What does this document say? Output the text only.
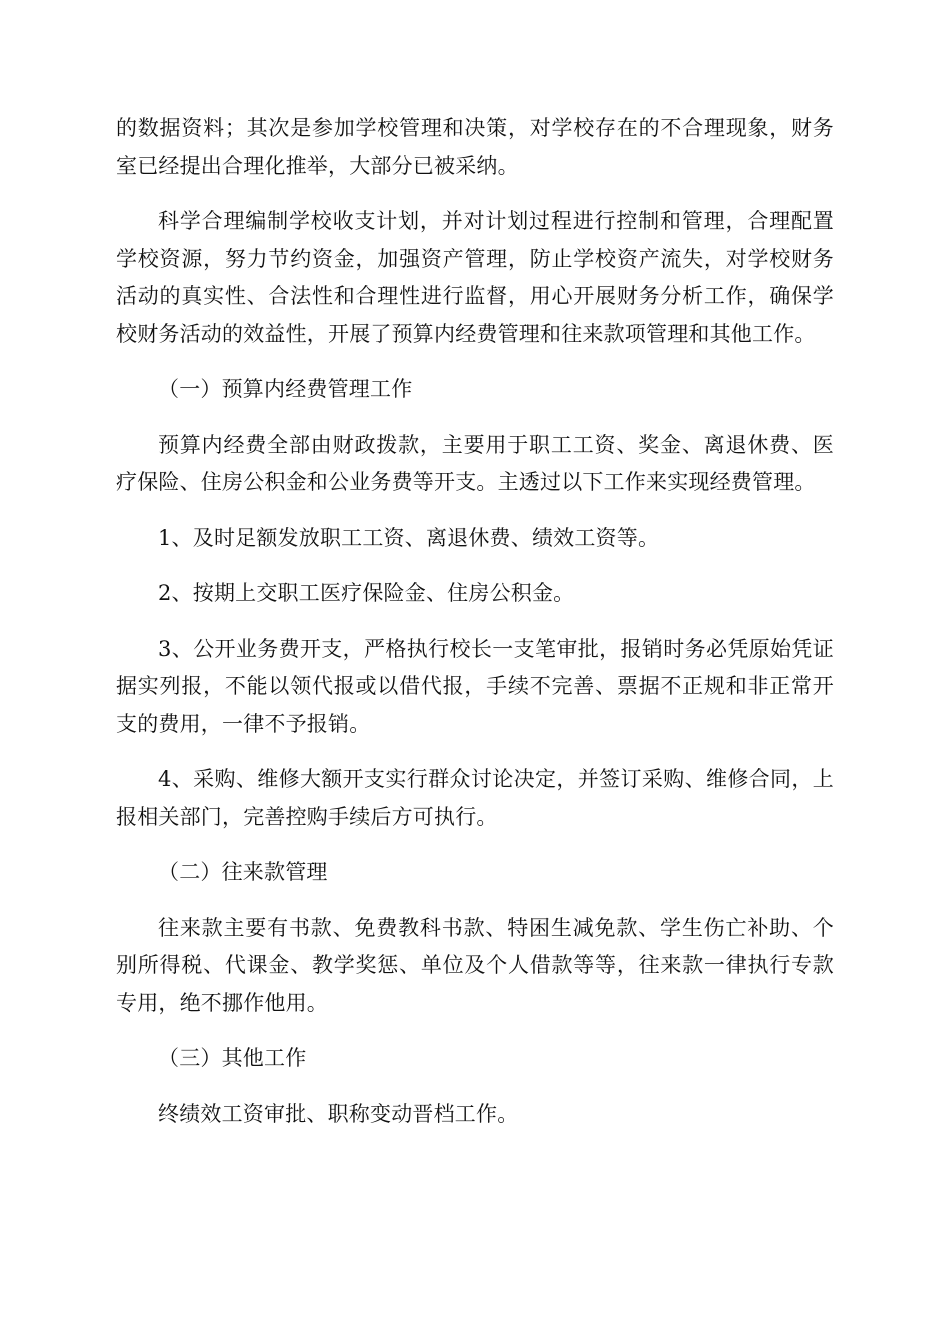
的数据资料；其次是参加学校管理和决策，对学校存在的不合理现象，财务室已经提出合理化推举，大部分已被采纳。

科学合理编制学校收支计划，并对计划过程进行控制和管理，合理配置学校资源，努力节约资金，加强资产管理，防止学校资产流失，对学校财务活动的真实性、合法性和合理性进行监督，用心开展财务分析工作，确保学校财务活动的效益性，开展了预算内经费管理和往来款项管理和其他工作。

（一）预算内经费管理工作

预算内经费全部由财政拨款，主要用于职工工资、奖金、离退休费、医疗保险、住房公积金和公业务费等开支。主透过以下工作来实现经费管理。

1、及时足额发放职工工资、离退休费、绩效工资等。

2、按期上交职工医疗保险金、住房公积金。

3、公开业务费开支，严格执行校长一支笔审批，报销时务必凭原始凭证据实列报，不能以领代报或以借代报，手续不完善、票据不正规和非正常开支的费用，一律不予报销。

4、采购、维修大额开支实行群众讨论决定，并签订采购、维修合同，上报相关部门，完善控购手续后方可执行。

（二）往来款管理

往来款主要有书款、免费教科书款、特困生减免款、学生伤亡补助、个别所得税、代课金、教学奖惩、单位及个人借款等等，往来款一律执行专款专用，绝不挪作他用。

（三）其他工作

终绩效工资审批、职称变动晋档工作。
